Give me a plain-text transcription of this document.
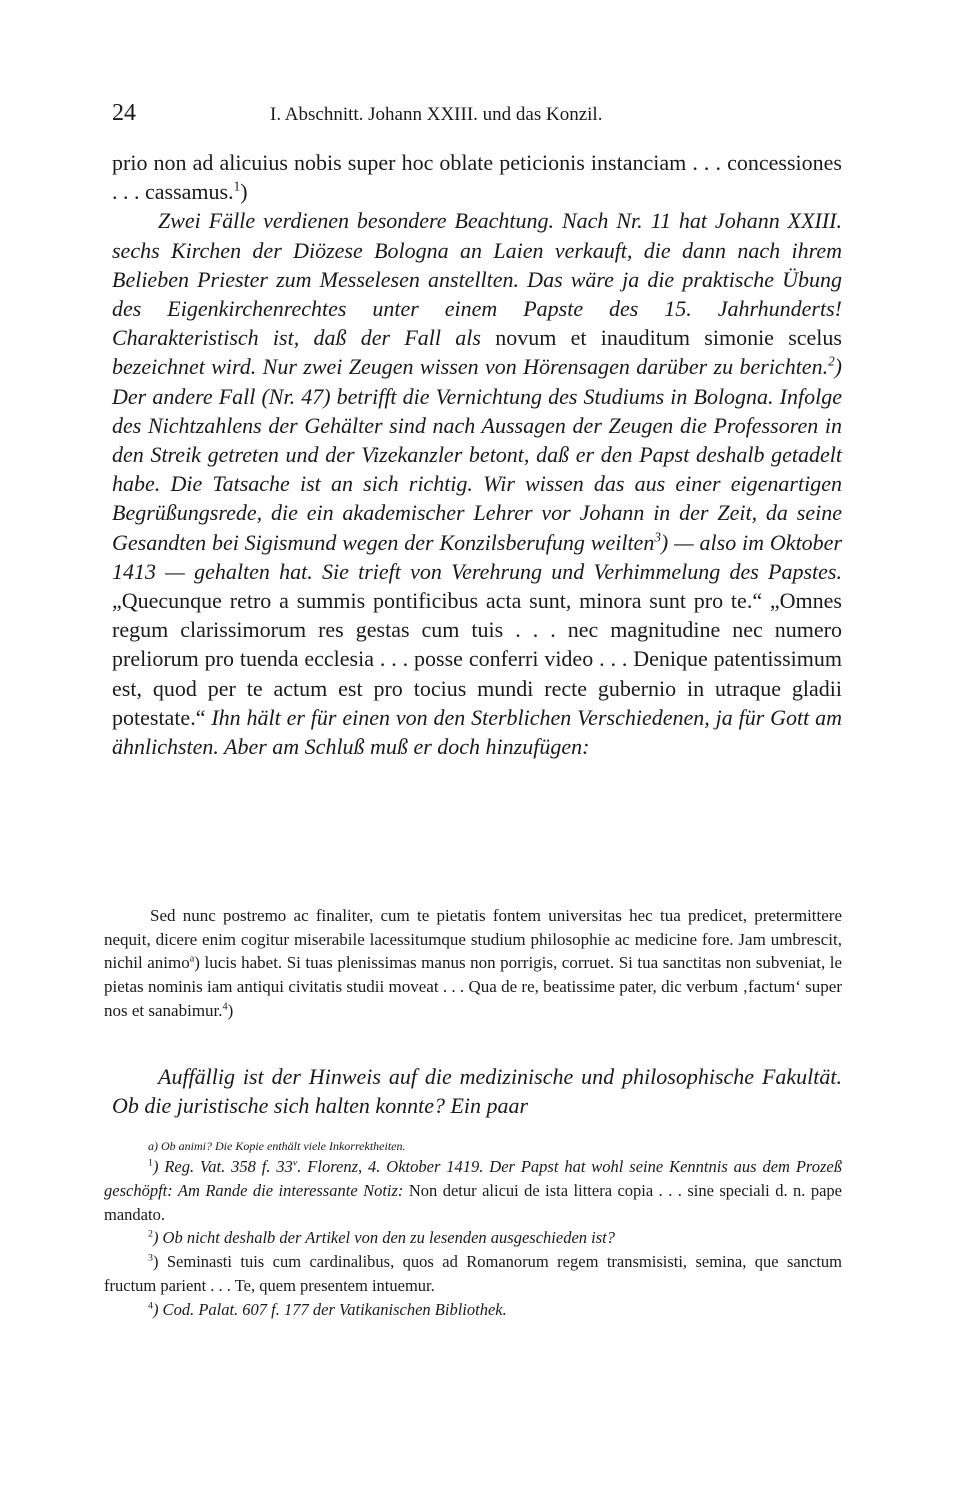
24	I. Abschnitt. Johann XXIII. und das Konzil.

prio non ad alicuius nobis super hoc oblate peticionis instanciam . . . concessiones . . . cassamus.$^1$)

Zwei Fälle verdienen besondere Beachtung. Nach Nr. 11 hat Johann XXIII. sechs Kirchen der Diözese Bologna an Laien verkauft, die dann nach ihrem Belieben Priester zum Messelesen anstellten. Das wäre ja die praktische Übung des Eigenkirchenrechtes unter einem Papste des 15. Jahrhunderts! Charakteristisch ist, daß der Fall als novum et inauditum simonie scelus bezeichnet wird. Nur zwei Zeugen wissen von Hörensagen darüber zu berichten.$^2$) Der andere Fall (Nr. 47) betrifft die Vernichtung des Studiums in Bologna. Infolge des Nichtzahlens der Gehälter sind nach Aussagen der Zeugen die Professoren in den Streik getreten und der Vizekanzler betont, daß er den Papst deshalb getadelt habe. Die Tatsache ist an sich richtig. Wir wissen das aus einer eigenartigen Begrüßungsrede, die ein akademischer Lehrer vor Johann in der Zeit, da seine Gesandten bei Sigismund wegen der Konzilsberufung weilten$^3$) — also im Oktober 1413 — gehalten hat. Sie trieft von Verehrung und Verhimmelung des Papstes. „Quecunque retro a summis pontificibus acta sunt, minora sunt pro te.“ „Omnes regum clarissimorum res gestas cum tuis . . . nec magnitudine nec numero preliorum pro tuenda ecclesia . . . posse conferri video . . . Denique patentissimum est, quod per te actum est pro tocius mundi recte gubernio in utraque gladii potestate.“ Ihn hält er für einen von den Sterblichen Verschiedenen, ja für Gott am ähnlichsten. Aber am Schluß muß er doch hinzufügen:

Sed nunc postremo ac finaliter, cum te pietatis fontem universitas hec tua predicet, pretermittere nequit, dicere enim cogitur miserabile lacessitumque studium philosophie ac medicine fore. Jam umbrescit, nichil animo$^a$) lucis habet. Si tuas plenissimas manus non porrigis, corruet. Si tua sanctitas non subveniat, le pietas nominis iam antiqui civitatis studii moveat . . . Qua de re, beatissime pater, dic verbum ‚factum‘ super nos et sanabimur.$^4$)
Auffällig ist der Hinweis auf die medizinische und philosophische Fakultät. Ob die juristische sich halten konnte? Ein paar

a) Ob animi? Die Kopie enthält viele Inkorrektheiten.

$^1$) Reg. Vat. 358 f. 33$^v$. Florenz, 4. Oktober 1419. Der Papst hat wohl seine Kenntnis aus dem Prozeß geschöpft: Am Rande die interessante Notiz: Non detur alicui de ista littera copia . . . sine speciali d. n. pape mandato.

$^2$) Ob nicht deshalb der Artikel von den zu lesenden ausgeschieden ist?

$^3$) Seminasti tuis cum cardinalibus, quos ad Romanorum regem transmisisti, semina, que sanctum fructum parient . . . Te, quem presentem intuemur.

$^4$) Cod. Palat. 607 f. 177 der Vatikanischen Bibliothek.
